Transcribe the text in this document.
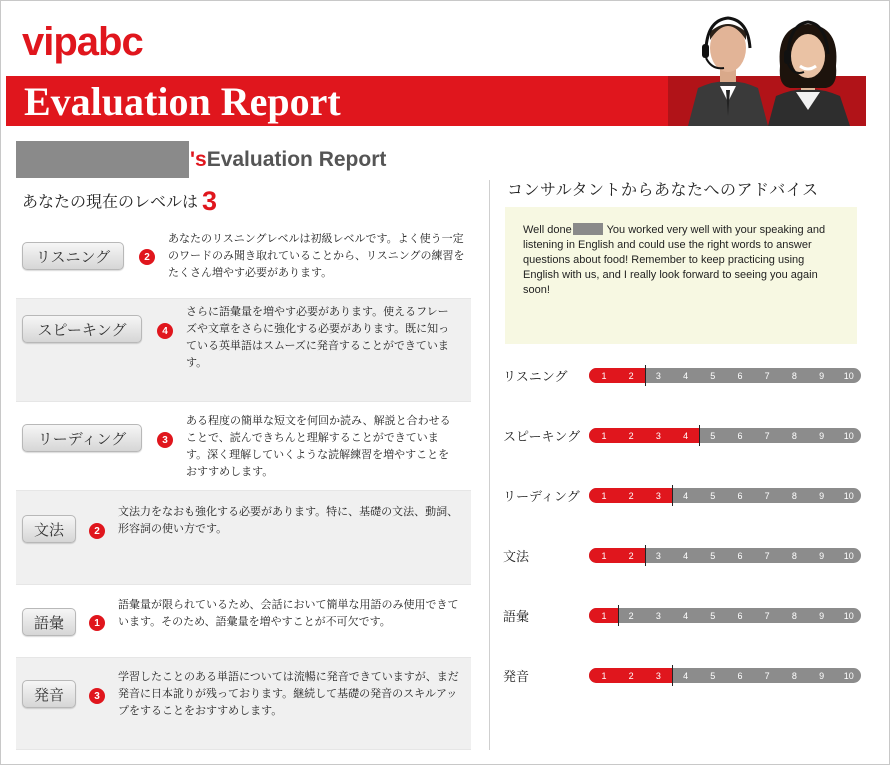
vipabc
Evaluation Report
'sEvaluation Report
あなたの現在のレベルは 3
リスニング	2
あなたのリスニングレベルは初級レベルです。よく使う一定のワードのみ聞き取れていることから、リスニングの練習をたくさん増やす必要があります。
スピーキング	4
さらに語彙量を増やす必要があります。使えるフレーズや文章をさらに強化する必要があります。既に知っている英単語はスムーズに発音することができています。
リーディング	3
ある程度の簡単な短文を何回か読み、解説と合わせることで、読んできちんと理解することができています。深く理解していくような読解練習を増やすことをおすすめします。
文法	2
文法力をなおも強化する必要があります。特に、基礎の文法、動詞、形容詞の使い方です。
語彙	1
語彙量が限られているため、会話において簡単な用語のみ使用できています。そのため、語彙量を増やすことが不可欠です。
発音	3
学習したことのある単語については流暢に発音できていますが、まだ発音に日本訛りが残っております。継続して基礎の発音のスキルアップをすることをおすすめします。
コンサルタントからあなたへのアドバイス
Well done	You worked very well with your speaking and listening in English and could use the right words to answer questions about food! Remember to keep practicing using English with us, and I really look forward to seeing you again soon!
リスニング	1	2	3	4	5	6	7	8	9	10
スピーキング	1	2	3	4	5	6	7	8	9	10
リーディング	1	2	3	4	5	6	7	8	9	10
文法	1	2	3	4	5	6	7	8	9	10
語彙	1	2	3	4	5	6	7	8	9	10
発音	1	2	3	4	5	6	7	8	9	10
